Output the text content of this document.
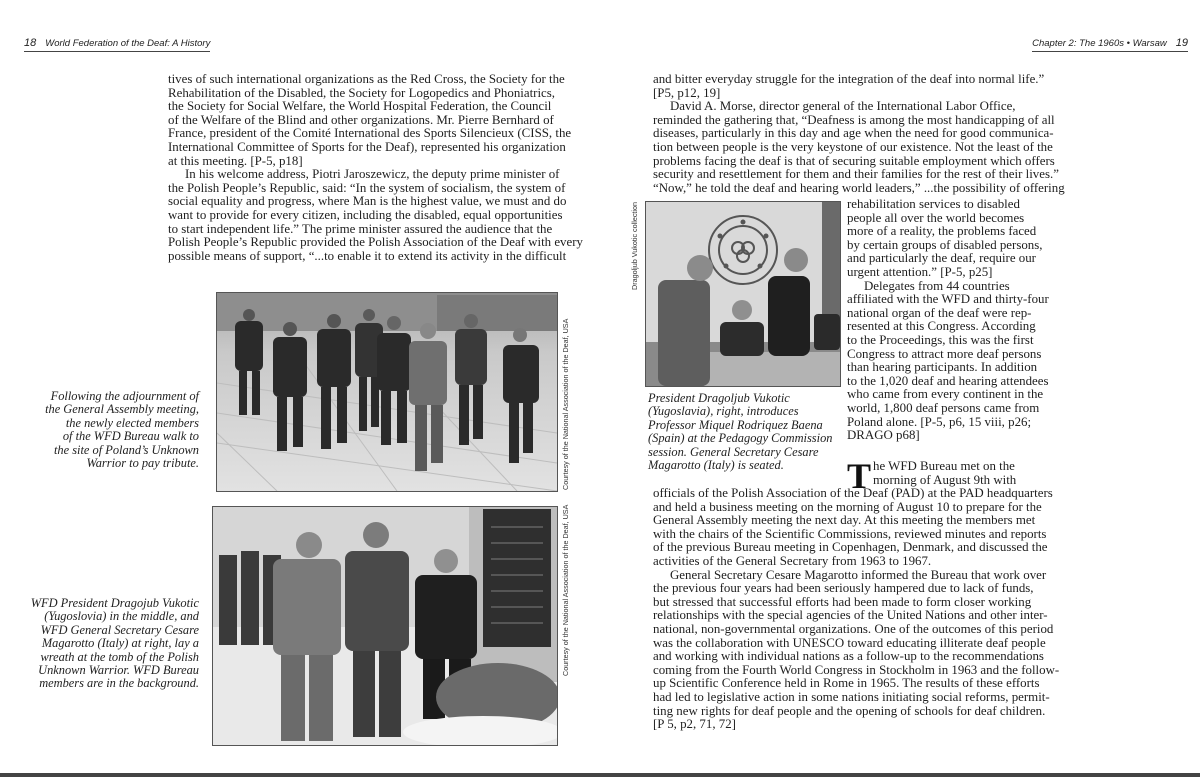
18 World Federation of the Deaf: A History	Chapter 2: The 1960s • Warsaw 19

tives of such international organizations as the Red Cross, the Society for the
Rehabilitation of the Disabled, the Society for Logopedics and Phoniatrics,
the Society for Social Welfare, the World Hospital Federation, the Council
of the Welfare of the Blind and other organizations. Mr. Pierre Bernhard of
France, president of the Comité International des Sports Silencieux (CISS, the
International Committee of Sports for the Deaf), represented his organization
at this meeting. [P-5, p18]

In his welcome address, Piotri Jaroszewicz, the deputy prime minister of
the Polish People’s Republic, said: “In the system of socialism, the system of
social equality and progress, where Man is the highest value, we must and do
want to provide for every citizen, including the disabled, equal opportunities
to start independent life.” The prime minister assured the audience that the
Polish People’s Republic provided the Polish Association of the Deaf with every
possible means of support, “...to enable it to extend its activity in the difficult

Courtesy of the National Association of the Deaf, USA
Following the adjournment of
the General Assembly meeting,
the newly elected members
of the WFD Bureau walk to
the site of Poland’s Unknown
Warrior to pay tribute.
Courtesy of the National Association of the Deaf, USA
WFD President Dragojub Vukotic
(Yugoslovia) in the middle, and
WFD General Secretary Cesare
Magarotto (Italy) at right, lay a
wreath at the tomb of the Polish
Unknown Warrior. WFD Bureau
members are in the background.

and bitter everyday struggle for the integration of the deaf into normal life.”
[P5, p12, 19]

David A. Morse, director general of the International Labor Office,
reminded the gathering that, “Deafness is among the most handicapping of all
diseases, particularly in this day and age when the need for good communica-
tion between people is the very keystone of our existence. Not the least of the
problems facing the deaf is that of securing suitable employment which offers
security and resettlement for them and their families for the rest of their lives.”
“Now,” he told the deaf and hearing world leaders,” ...the possibility of offering

Dragoljub Vukotic collection
President Dragoljub Vukotic
(Yugoslavia), right, introduces
Professor Miquel Rodriquez Baena
(Spain) at the Pedagogy Commission
session. General Secretary Cesare
Magarotto (Italy) is seated.

rehabilitation services to disabled
people all over the world becomes
more of a reality, the problems faced
by certain groups of disabled persons,
and particularly the deaf, require our
urgent attention.” [P-5, p25]

Delegates from 44 countries
affiliated with the WFD and thirty-four
national organ of the deaf were rep-
resented at this Congress. According
to the Proceedings, this was the first
Congress to attract more deaf persons
than hearing participants. In addition
to the 1,020 deaf and hearing attendees
who came from every continent in the
world, 1,800 deaf persons came from
Poland alone. [P-5, p6, 15 viii, p26;
DRAGO p68]

T he WFD Bureau met on the
morning of August 9th with

officials of the Polish Association of the Deaf (PAD) at the PAD headquarters
and held a business meeting on the morning of August 10 to prepare for the
General Assembly meeting the next day. At this meeting the members met
with the chairs of the Scientific Commissions, reviewed minutes and reports
of the previous Bureau meeting in Copenhagen, Denmark, and discussed the
activities of the General Secretary from 1963 to 1967.

General Secretary Cesare Magarotto informed the Bureau that work over
the previous four years had been seriously hampered due to lack of funds,
but stressed that successful efforts had been made to form closer working
relationships with the special agencies of the United Nations and other inter-
national, non-governmental organizations. One of the outcomes of this period
was the collaboration with UNESCO toward educating illiterate deaf people
and working with individual nations as a follow-up to the recommendations
coming from the Fourth World Congress in Stockholm in 1963 and the follow-
up Scientific Conference held in Rome in 1965. The results of these efforts
had led to legislative action in some nations initiating social reforms, permit-
ting new rights for deaf people and the opening of schools for deaf children.
[P 5, p2, 71, 72]
